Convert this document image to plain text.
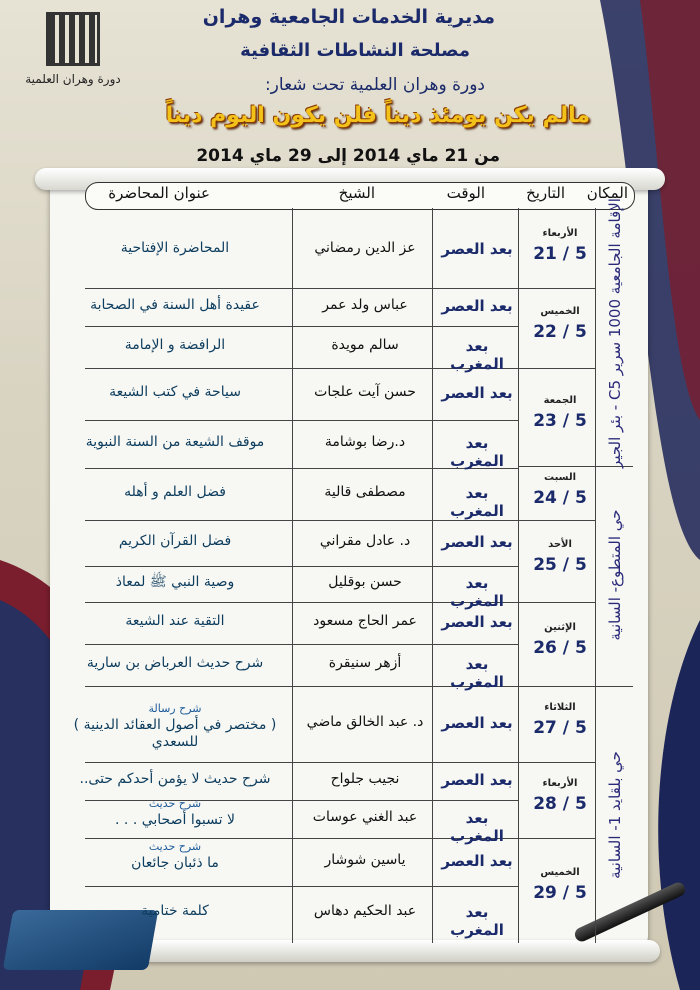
دورة وهران العلمية
مديرية الخدمات الجامعية وهران
مصلحة النشاطات الثقافية
دورة وهران العلمية تحت شعار:
مالم يكن يومئذ ديناً فلن يكون اليوم ديناً
من 21 ماي 2014 إلى 29 ماي 2014
المكان
التاريخ
الوقت
الشيخ
عنوان المحاضرة
الإقامة الجامعية 1000 سرير C5 - بئر الجير
حي المتطوع- السانية
حي بلقايد 1- السانية
الأربعاء
5 / 21
الخميس
5 / 22
الجمعة
5 / 23
السبت
5 / 24
الأحد
5 / 25
الإثنين
5 / 26
الثلاثاء
5 / 27
الأربعاء
5 / 28
الخميس
5 / 29
بعد العصر
عز الدين رمضاني
المحاضرة الإفتاحية
بعد العصر
عباس ولد عمر
عقيدة أهل السنة في الصحابة
بعد المغرب
سالم مويدة
الرافضة و الإمامة
بعد العصر
حسن آيت علجات
سياحة في كتب الشيعة
بعد المغرب
د.رضا بوشامة
موقف الشيعة من السنة النبوية
بعد المغرب
مصطفى قالية
فضل العلم و أهله
بعد العصر
د. عادل مقراني
فضل القرآن الكريم
بعد المغرب
حسن بوقليل
وصية النبي ﷺ لمعاذ
بعد العصر
عمر الحاج مسعود
التقية عند الشيعة
بعد المغرب
أزهر سنيقرة
شرح حديث العرباض بن سارية
بعد العصر
د. عبد الخالق ماضي
شرح رسالة
( مختصر في أصول العقائد الدينية ) للسعدي
بعد العصر
نجيب جلواح
شرح حديث لا يؤمن أحدكم حتى..
بعد المغرب
عبد الغني عوسات
شرح حديث
لا تسبوا أصحابي . . .
بعد العصر
ياسين شوشار
شرح حديث
ما ذئبان جائعان
بعد المغرب
عبد الحكيم دهاس
كلمة ختامية
